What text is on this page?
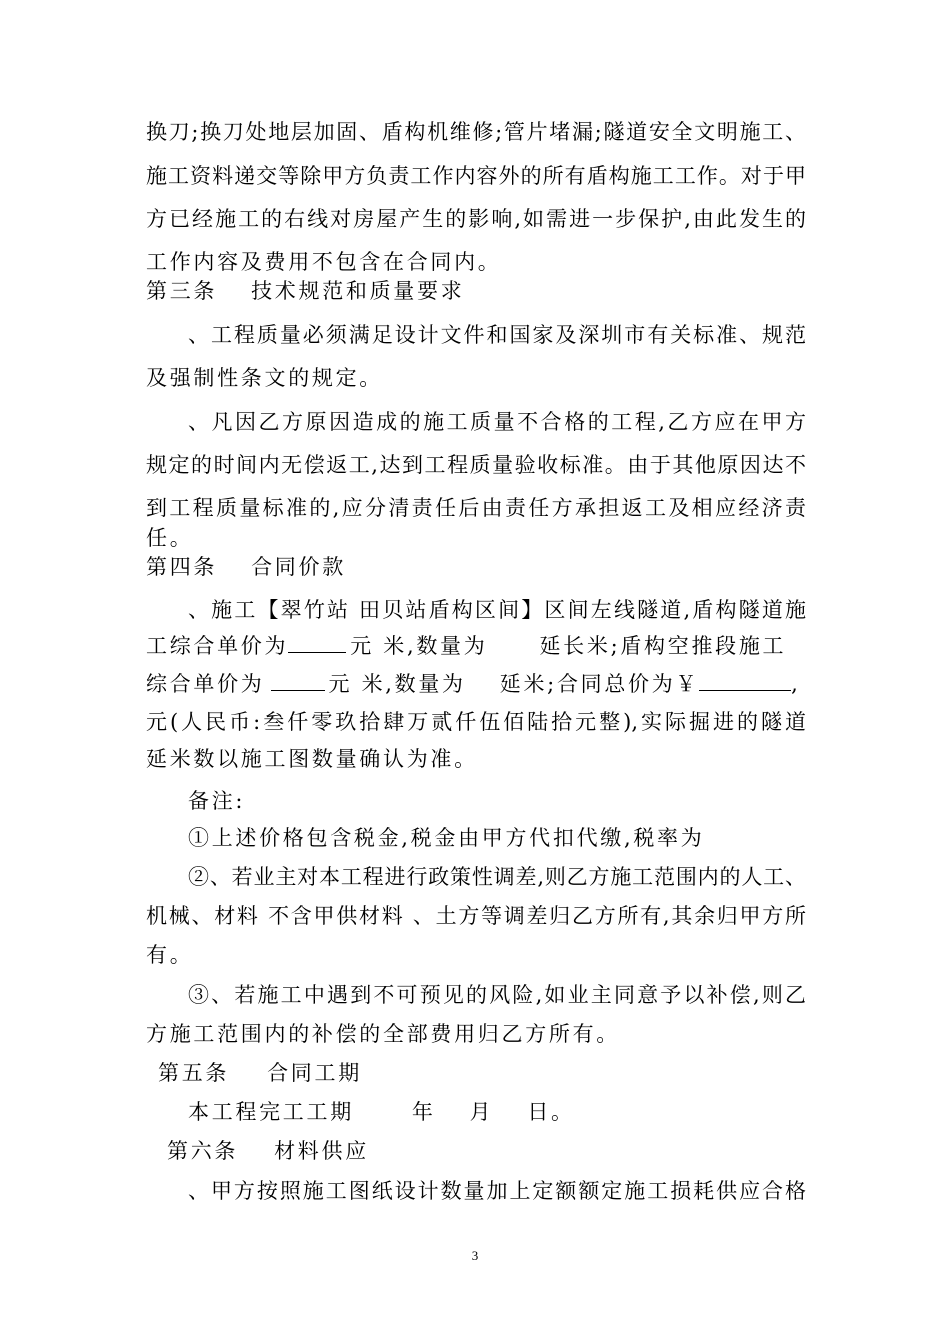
换刀;换刀处地层加固、盾构机维修;管片堵漏;隧道安全文明施工、
施工资料递交等除甲方负责工作内容外的所有盾构施工工作。对于甲
方已经施工的右线对房屋产生的影响,如需进一步保护,由此发生的
工作内容及费用不包含在合同内。
第三条 技术规范和质量要求
、工程质量必须满足设计文件和国家及深圳市有关标准、规范
及强制性条文的规定。
、凡因乙方原因造成的施工质量不合格的工程,乙方应在甲方
规定的时间内无偿返工,达到工程质量验收标准。由于其他原因达不
到工程质量标准的,应分清责任后由责任方承担返工及相应经济责
任。
第四条 合同价款
、施工【翠竹站 田贝站盾构区间】区间左线隧道,盾构隧道施
工综合单价为	元 米,数量为 延长米;盾构空推段施工
综合单价为	元 米,数量为 延米;合同总价为￥	,
元(人民币:叁仟零玖拾肆万贰仟伍佰陆拾元整),实际掘进的隧道
延米数以施工图数量确认为准。
备注:
①上述价格包含税金,税金由甲方代扣代缴,税率为
②、若业主对本工程进行政策性调差,则乙方施工范围内的人工、
机械、材料 不含甲供材料 、土方等调差归乙方所有,其余归甲方所
有。
③、若施工中遇到不可预见的风险,如业主同意予以补偿,则乙
方施工范围内的补偿的全部费用归乙方所有。
第五条 合同工期
本工程完工工期	年 月 日。
第六条 材料供应
、甲方按照施工图纸设计数量加上定额额定施工损耗供应合格
3
